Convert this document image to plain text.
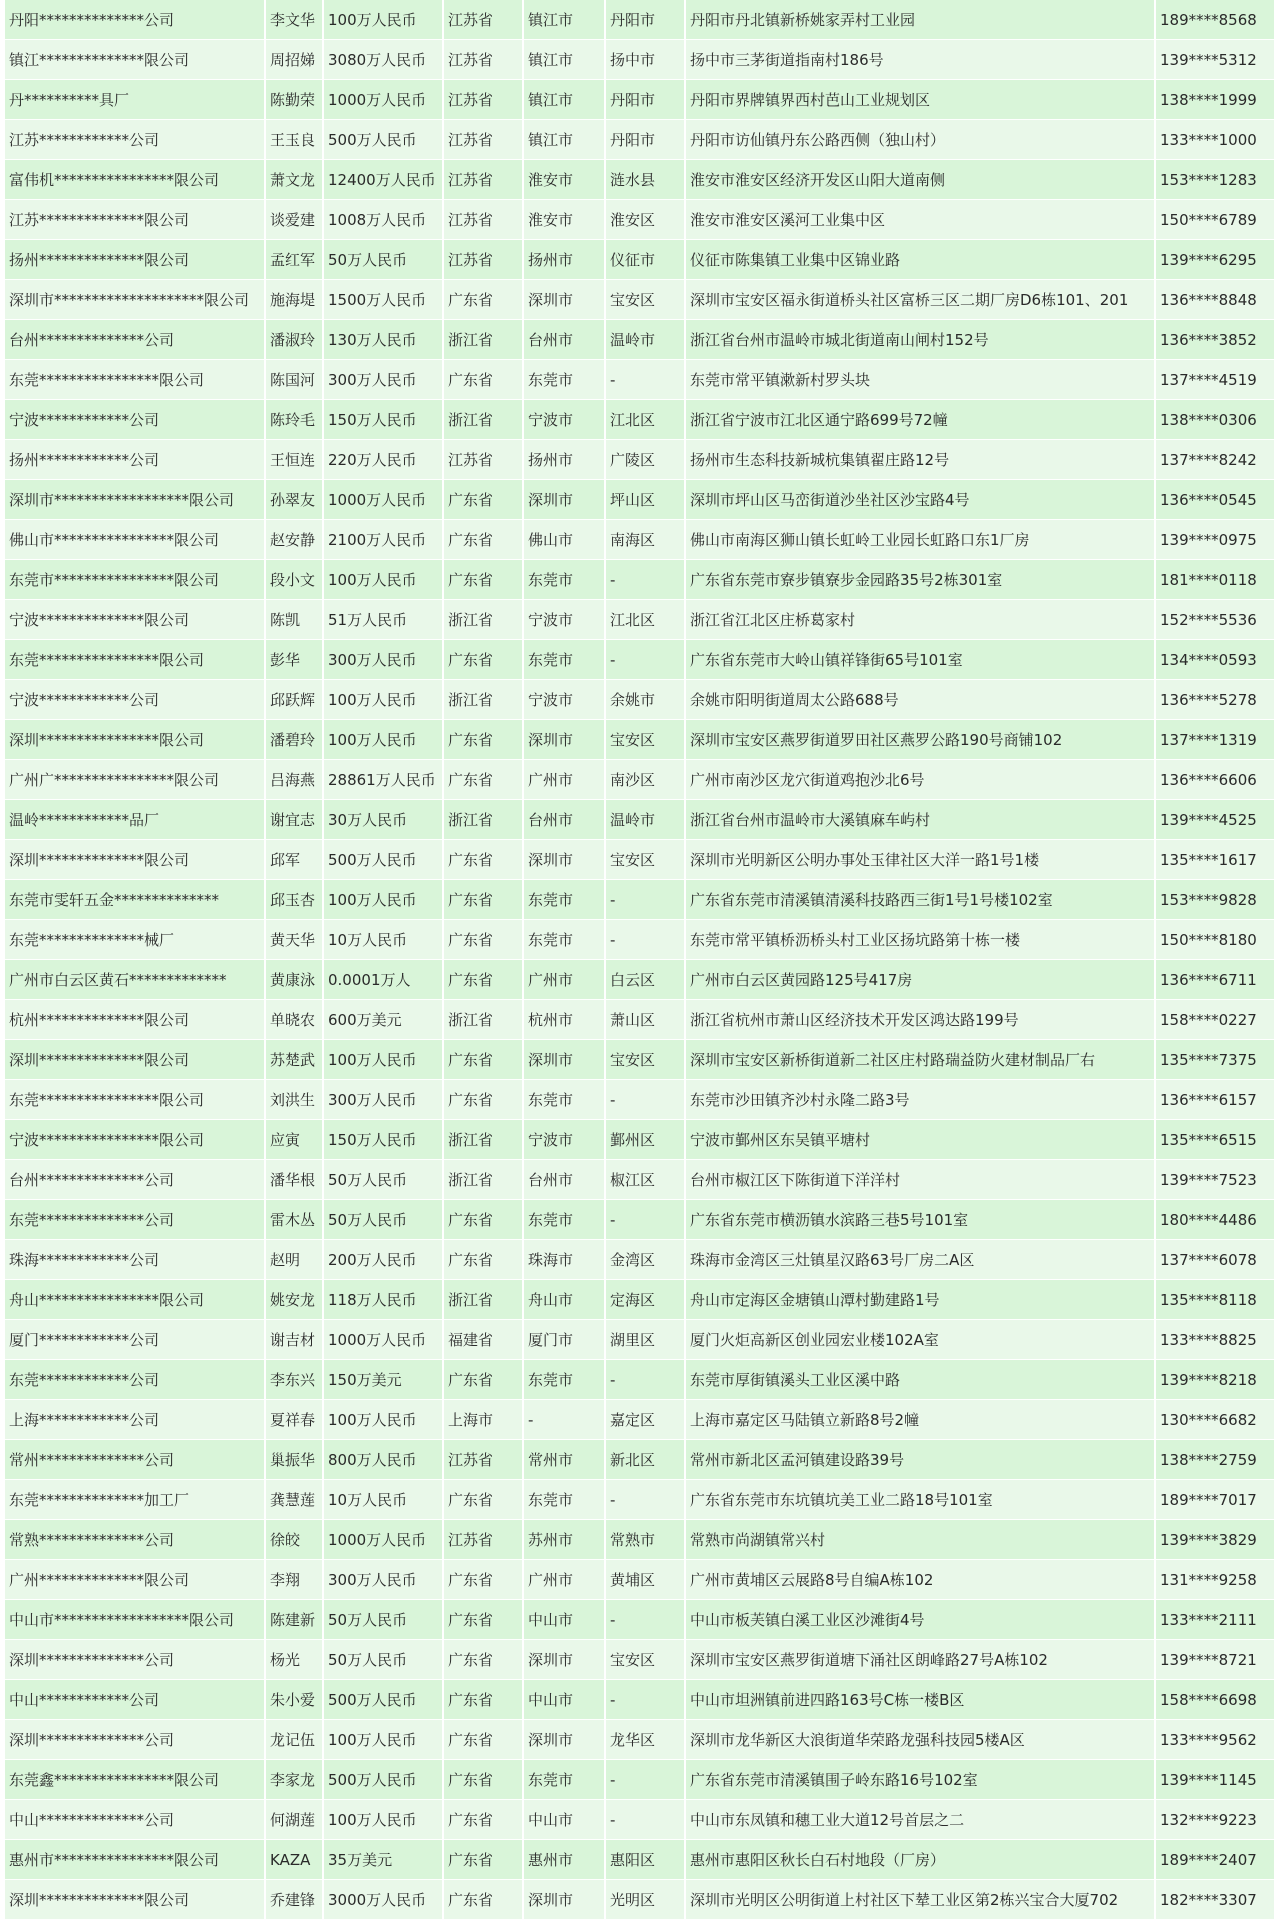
丹阳**************公司	李文华	100万人民币	江苏省	镇江市	丹阳市	丹阳市丹北镇新桥姚家弄村工业园	189****8568
镇江**************限公司	周招娣	3080万人民币	江苏省	镇江市	扬中市	扬中市三茅街道指南村186号	139****5312
丹**********具厂	陈勤荣	1000万人民币	江苏省	镇江市	丹阳市	丹阳市界牌镇界西村芭山工业规划区	138****1999
江苏************公司	王玉良	500万人民币	江苏省	镇江市	丹阳市	丹阳市访仙镇丹东公路西侧（独山村）	133****1000
富伟机****************限公司	萧文龙	12400万人民币	江苏省	淮安市	涟水县	淮安市淮安区经济开发区山阳大道南侧	153****1283
江苏**************限公司	谈爱建	1008万人民币	江苏省	淮安市	淮安区	淮安市淮安区溪河工业集中区	150****6789
扬州**************限公司	孟红军	50万人民币	江苏省	扬州市	仪征市	仪征市陈集镇工业集中区锦业路	139****6295
深圳市********************限公司	施海堤	1500万人民币	广东省	深圳市	宝安区	深圳市宝安区福永街道桥头社区富桥三区二期厂房D6栋101、201	136****8848
台州**************公司	潘淑玲	130万人民币	浙江省	台州市	温岭市	浙江省台州市温岭市城北街道南山闸村152号	136****3852
东莞****************限公司	陈国河	300万人民币	广东省	东莞市	-	东莞市常平镇漱新村罗头块	137****4519
宁波************公司	陈玲毛	150万人民币	浙江省	宁波市	江北区	浙江省宁波市江北区通宁路699号72幢	138****0306
扬州************公司	王恒连	220万人民币	江苏省	扬州市	广陵区	扬州市生态科技新城杭集镇翟庄路12号	137****8242
深圳市******************限公司	孙翠友	1000万人民币	广东省	深圳市	坪山区	深圳市坪山区马峦街道沙坐社区沙宝路4号	136****0545
佛山市****************限公司	赵安静	2100万人民币	广东省	佛山市	南海区	佛山市南海区狮山镇长虹岭工业园长虹路口东1厂房	139****0975
东莞市****************限公司	段小文	100万人民币	广东省	东莞市	-	广东省东莞市寮步镇寮步金园路35号2栋301室	181****0118
宁波**************限公司	陈凯	51万人民币	浙江省	宁波市	江北区	浙江省江北区庄桥葛家村	152****5536
东莞****************限公司	彭华	300万人民币	广东省	东莞市	-	广东省东莞市大岭山镇祥锋街65号101室	134****0593
宁波************公司	邱跃辉	100万人民币	浙江省	宁波市	余姚市	余姚市阳明街道周太公路688号	136****5278
深圳****************限公司	潘碧玲	100万人民币	广东省	深圳市	宝安区	深圳市宝安区燕罗街道罗田社区燕罗公路190号商铺102	137****1319
广州广****************限公司	吕海燕	28861万人民币	广东省	广州市	南沙区	广州市南沙区龙穴街道鸡抱沙北6号	136****6606
温岭************品厂	谢宜志	30万人民币	浙江省	台州市	温岭市	浙江省台州市温岭市大溪镇麻车屿村	139****4525
深圳**************限公司	邱军	500万人民币	广东省	深圳市	宝安区	深圳市光明新区公明办事处玉律社区大洋一路1号1楼	135****1617
东莞市雯轩五金**************	邱玉杏	100万人民币	广东省	东莞市	-	广东省东莞市清溪镇清溪科技路西三街1号1号楼102室	153****9828
东莞**************械厂	黄天华	10万人民币	广东省	东莞市	-	东莞市常平镇桥沥桥头村工业区扬坑路第十栋一楼	150****8180
广州市白云区黄石*************	黄康泳	0.0001万人	广东省	广州市	白云区	广州市白云区黄园路125号417房	136****6711
杭州**************限公司	单晓农	600万美元	浙江省	杭州市	萧山区	浙江省杭州市萧山区经济技术开发区鸿达路199号	158****0227
深圳**************限公司	苏楚武	100万人民币	广东省	深圳市	宝安区	深圳市宝安区新桥街道新二社区庄村路瑞益防火建材制品厂右	135****7375
东莞****************限公司	刘洪生	300万人民币	广东省	东莞市	-	东莞市沙田镇齐沙村永隆二路3号	136****6157
宁波****************限公司	应寅	150万人民币	浙江省	宁波市	鄞州区	宁波市鄞州区东吴镇平塘村	135****6515
台州**************公司	潘华根	50万人民币	浙江省	台州市	椒江区	台州市椒江区下陈街道下洋洋村	139****7523
东莞**************公司	雷木丛	50万人民币	广东省	东莞市	-	广东省东莞市横沥镇水滨路三巷5号101室	180****4486
珠海************公司	赵明	200万人民币	广东省	珠海市	金湾区	珠海市金湾区三灶镇星汉路63号厂房二A区	137****6078
舟山****************限公司	姚安龙	118万人民币	浙江省	舟山市	定海区	舟山市定海区金塘镇山潭村勤建路1号	135****8118
厦门************公司	谢吉材	1000万人民币	福建省	厦门市	湖里区	厦门火炬高新区创业园宏业楼102A室	133****8825
东莞************公司	李东兴	150万美元	广东省	东莞市	-	东莞市厚街镇溪头工业区溪中路	139****8218
上海************公司	夏祥春	100万人民币	上海市	-	嘉定区	上海市嘉定区马陆镇立新路8号2幢	130****6682
常州**************公司	巢振华	800万人民币	江苏省	常州市	新北区	常州市新北区孟河镇建设路39号	138****2759
东莞**************加工厂	龚慧莲	10万人民币	广东省	东莞市	-	广东省东莞市东坑镇坑美工业二路18号101室	189****7017
常熟**************公司	徐皎	1000万人民币	江苏省	苏州市	常熟市	常熟市尚湖镇常兴村	139****3829
广州**************限公司	李翔	300万人民币	广东省	广州市	黄埔区	广州市黄埔区云展路8号自编A栋102	131****9258
中山市******************限公司	陈建新	50万人民币	广东省	中山市	-	中山市板芙镇白溪工业区沙滩街4号	133****2111
深圳**************公司	杨光	50万人民币	广东省	深圳市	宝安区	深圳市宝安区燕罗街道塘下涌社区朗峰路27号A栋102	139****8721
中山************公司	朱小爱	500万人民币	广东省	中山市	-	中山市坦洲镇前进四路163号C栋一楼B区	158****6698
深圳**************公司	龙记伍	100万人民币	广东省	深圳市	龙华区	深圳市龙华新区大浪街道华荣路龙强科技园5楼A区	133****9562
东莞鑫****************限公司	李家龙	500万人民币	广东省	东莞市	-	广东省东莞市清溪镇围子岭东路16号102室	139****1145
中山**************公司	何湖莲	100万人民币	广东省	中山市	-	中山市东凤镇和穗工业大道12号首层之二	132****9223
惠州市****************限公司	KAZA	35万美元	广东省	惠州市	惠阳区	惠州市惠阳区秋长白石村地段（厂房）	189****2407
深圳**************限公司	乔建锋	3000万人民币	广东省	深圳市	光明区	深圳市光明区公明街道上村社区下辇工业区第2栋兴宝合大厦702	182****3307
